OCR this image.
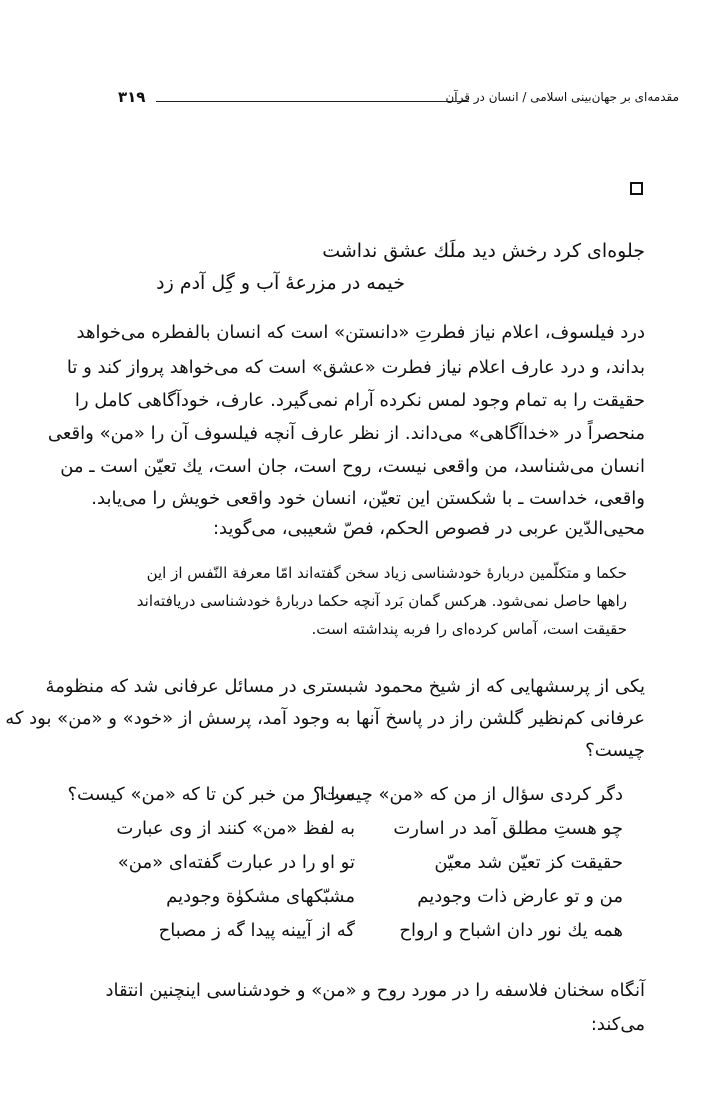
۳۱۹	مقدمه‌ای بر جهان‌بینی اسلامی / انسان در قرآن
جلوه‌ای کرد رخش دید ملَك عشق نداشت
خیمه در مزرعهٔ آب و گِل آدم زد
درد فیلسوف، اعلام نیاز فطرتِ «دانستن» است که انسان بالفطره می‌خواهد
بداند، و درد عارف اعلام نیاز فطرت «عشق» است که می‌خواهد پرواز کند و تا
حقیقت را به تمام وجود لمس نکرده آرام نمی‌گیرد. عارف، خودآگاهی کامل را
منحصراً در «خداآگاهی» می‌داند. از نظر عارف آنچه فیلسوف آن را «من» واقعی
انسان می‌شناسد، من واقعی نیست، روح است، جان است، یك تعیّن است ـ من
واقعی، خداست ـ با شکستن این تعیّن، انسان خود واقعی خویش را می‌یابد.
محیی‌الدّین عربی در فصوص الحکم، فصّ شعیبی، می‌گوید:
حکما و متکلّمین دربارهٔ خودشناسی زیاد سخن گفته‌اند امّا معرفة النّفس از این
راهها حاصل نمی‌شود. هرکس گمان بَرد آنچه حکما دربارهٔ خودشناسی دریافته‌اند
حقیقت است، آماس کرده‌ای را فربه پنداشته است.
یکی از پرسشهایی که از شیخ محمود شبستری در مسائل عرفانی شد که منظومهٔ
عرفانی کم‌نظیر گلشن راز در پاسخ آنها به وجود آمد، پرسش از «خود» و «من» بود که
چیست؟
دگر کردی سؤال از من که «من» چیست؟
مرا از من خبر کن تا که «من» کیست؟
چو هستِ مطلق آمد در اسارت
به لفظ «من» کنند از وی عبارت
حقیقت کز تعیّن شد معیّن
تو او را در عبارت گفته‌ای «من»
من و تو عارض ذات وجودیم
مشبّکهای مشکوٰة وجودیم
همه یك نور دان اشباح و ارواح
گه از آیینه پیدا گه ز مصباح
آنگاه سخنان فلاسفه را در مورد روح و «من» و خودشناسی اینچنین انتقاد
می‌کند:
